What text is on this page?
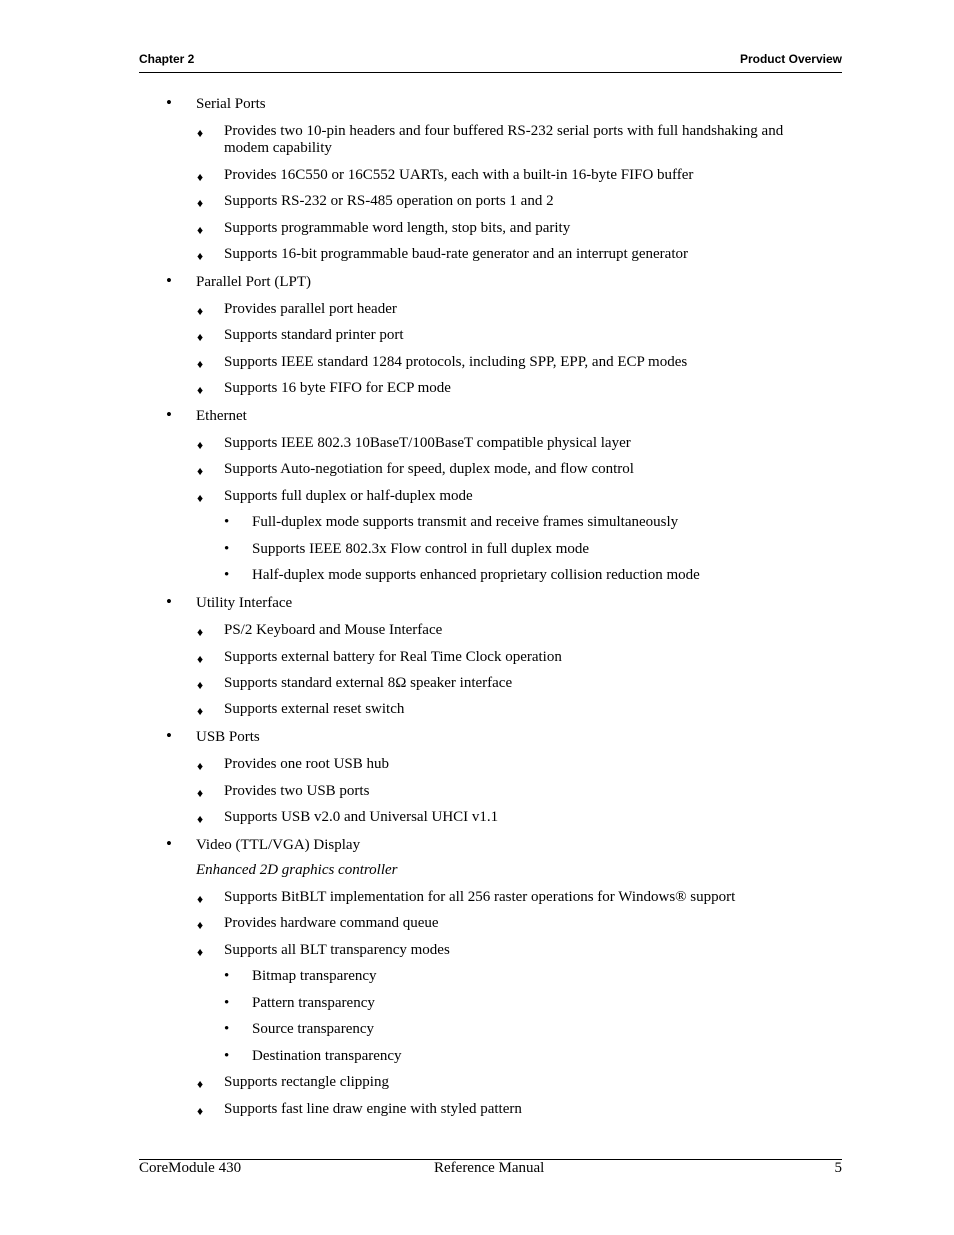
Chapter 2	Product Overview
• Serial Ports
♦ Provides two 10-pin headers and four buffered RS-232 serial ports with full handshaking and
modem capability
♦ Provides 16C550 or 16C552 UARTs, each with a built-in 16-byte FIFO buffer
♦ Supports RS-232 or RS-485 operation on ports 1 and 2
♦ Supports programmable word length, stop bits, and parity
♦ Supports 16-bit programmable baud-rate generator and an interrupt generator
• Parallel Port (LPT)
♦ Provides parallel port header
♦ Supports standard printer port
♦ Supports IEEE standard 1284 protocols, including SPP, EPP, and ECP modes
♦ Supports 16 byte FIFO for ECP mode
• Ethernet
♦ Supports IEEE 802.3 10BaseT/100BaseT compatible physical layer
♦ Supports Auto-negotiation for speed, duplex mode, and flow control
♦ Supports full duplex or half-duplex mode
• Full-duplex mode supports transmit and receive frames simultaneously
• Supports IEEE 802.3x Flow control in full duplex mode
• Half-duplex mode supports enhanced proprietary collision reduction mode
• Utility Interface
♦ PS/2 Keyboard and Mouse Interface
♦ Supports external battery for Real Time Clock operation
♦ Supports standard external 8Ω speaker interface
♦ Supports external reset switch
• USB Ports
♦ Provides one root USB hub
♦ Provides two USB ports
♦ Supports USB v2.0 and Universal UHCI v1.1
• Video (TTL/VGA) Display
Enhanced 2D graphics controller
♦ Supports BitBLT implementation for all 256 raster operations for Windows® support
♦ Provides hardware command queue
♦ Supports all BLT transparency modes
• Bitmap transparency
• Pattern transparency
• Source transparency
• Destination transparency
♦ Supports rectangle clipping
♦ Supports fast line draw engine with styled pattern
CoreModule 430	Reference Manual	5
